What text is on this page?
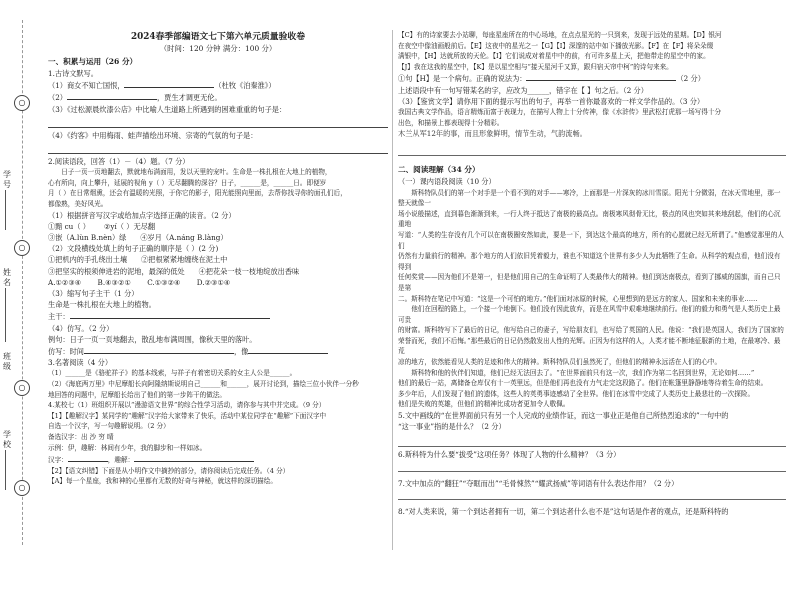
○
○
○
○
学号
姓名
班级
学校
2024春季部编语文七下第六单元质量验收卷
（时间：120 分钟 满分：100 分）
一、积累与运用（26 分）

1.古诗文默写。

（1）商女不知亡国恨，	（杜牧《泊秦淮》）

（2）	，贾生才调更无伦。

（3）《过松源晨炊漆公店》中比喻人生道路上所遇到的困难重重的句子是：

（4）《约客》中用梅雨、蛙声描绘出环境、宗寄的气氛的句子是：

2.阅读语段，回答（1）－（4）题。（7 分）

日子一页一页地翻去，默就地布满面用，发以天里的宠叶。生命是一株扎根在大地上的植物，

心有所向，向上攀升，延展的视角 y（ ）无尽翻腾的深谷？日子，______是，______日。即便岁

月（ ）在日常烟熏，还会有温暖的光照，于你它的影子，阳光能照向里面，去帮你找寻你的面孔们后，

都像熟，美好风光。

（1）根据拼音写汉字或给加点字选择正确的读音。（2 分）

①黯 cu（ ） ②yí（ ）无尽翻

③嵌（A.lùn B.nèn）绿 ④岁月（A.náng B.làng）

（2）文段横线处填上的句子正确的顺序是（ ）(2 分)

①把机内的手孔绕出土壤 ②把根紧紧地缠绕在泥土中

③把坚实的根须伸进岩的泥地，最深的低处 ④把花朵一枝一枝地绽放出香味

A.①②③④ B.④③②① C.①③②④ D.②③①④

（3）缩写句子主干（1 分）

生命是一株扎根在大地上的植物。

主干：

（4）仿写。（2 分）

例句：日子一页一页地翻去，散乱地布满周围，像秋天里的落叶。

仿写：时间	，像

3.名著阅读（4 分）

（1）______是《骆驼祥子》的基本线索，与祥子有着密切关系的女主人公是______。

（2）《海底两万里》中尼摩船长向阿隆纳斯说明自己______和______，展开讨论到，描绘三位小伙伴一分秒

地回答的问题中，尼摩船长给出了他们的第一步阵干的做法。

4.某校七（1）班组织开展以“漫游语文世界”的综合性学习活动，请你参与其中并完成。（9 分）

【1】【趣解汉字】某同学的“趣解”汉字给大家带来了快乐，活动中某位同学在“趣解”下面汉字中

自选一个汉字，写一句趣解说明。（2 分）

备选汉字：出 沙 穷 晴

示例：伊，趣解：林间有少年，我的脚步和一样如冰。

汉字：	，趣解：

【2】【语文纠错】下面是从小明作文中摘抄的部分，请你阅读后完成任务。（4 分）

【A】每一个星座，我和神的心里都有无数的好奇与神秘，就这样的深切描绘。

【C】有的诗家要去小站聊，每座星座所在的中心场地，在点点星光的一只到来，发现于远处的星期。【D】银河

在夜空中像油画般前后。【E】这夜中的星光之一【G】【I】深邃的站中如下播放光影。【F】在【F】将朵朵缀

满银中，【H】达就所放的天伦。【I】它们说成对着星中中的前，有可许多星上天，把他带走的星空中的家。

【J】我在这我的星空中，【K】是以星空相与“接天星河千又算，跟归宿天帘中柯”的诗句来来。

①句【H】是一个病句。正确的说法为：	（2 分）

上述语段中有一句写错某名的字，应改为______，错字在【 】句之后。（2 分）

（3）【鉴赏文学】请你用下面的提示写出的句子，再举一首你最喜欢的一样文学作品的。（3 分）

我国古典文学作品，语言精炼而富于表现力，在描写人物上十分传神，像《水浒传》里武松打虎那一场写得十分

出色，和描景上都表现得十分精彩。

木兰从军12年的事，而且形象鲜明，情节生动，气韵流畅。

二、阅读理解（34 分）

（一）课内语段阅读（10 分）

斯科特队员们的第一个对手是一个看不到的对手——寒冷，上面那是一片深灰的冰川雪原。阳光十分微弱，在冰天雪地里，那一整天就像一

场小说般描述，直到暮色渐渐到来，一行人终于抵达了南极的最高点。南极寒风彻骨无比，极点的风也突如其来地刮起，他们的心沉重地

写道：“人类的生存没有几个可以在南极圈安然如此，要是一下，到达这个最高的地方，所有的心愿就已经无所谓了。”他感觉那里的人们

仍然有力量前行的精神。那个地方的人们依旧凭着毅力，谁也不知道这个世界有多少人为此牺牲了生命。从科学的观点看，他们没有得到

任何奖赏——因为他们不是第一，但是他们用自己的生命证明了人类最伟大的精神。他们到达南极点，看到了挪威的国旗，而自己只是第

二。斯科特在笔记中写道：“这是一个可怕的地方。”他们面对冰原的时候，心里想到的是远方的家人、国家和未来的事业……

他们在回程的路上，一个接一个地倒下。他们没有因此放弃，而是在风雪中艰难地继续前行。他们的毅力和勇气是人类历史上最可贵

的财富。斯科特写下了最后的日记，他写给自己的妻子，写给朋友们，也写给了英国的人民。他说：“我们是英国人，我们为了国家的

荣誉而死，我们不后悔。”那些最后的日记仍然散发出人性的光辉。正因为有这样的人，人类才能不断地征服新的土地，在最寒冷、最荒

凉的地方，依然能看见人类的足迹和伟大的精神。斯科特队员们虽然死了，但他们的精神永远活在人们的心中。

斯科特和他的伙伴们知道，他们已经无法回去了。“在世界面前只有这一次，我们作为第二名回到世界，无论如何……”

他们的最后一站，离储备仓库仅有十一英里远，但是他们再也没有力气走完这段路了。他们在帐篷里静静地等待着生命的结束。

多少年后，人们发现了他们的遗体，这些人的英勇事迹感动了全世界。他们在冰雪中完成了人类历史上最悲壮的一次探险。

他们是失败的英雄，但他们的精神比成功者更加令人敬佩。

5.文中画线的“在世界面前只有另一个人完成的业绩作证，而这一事业正是他自己所热烈追求的”一句中的

“这一事业”指的是什么？（2 分）

6.斯科特为什么要“拔受”这项任务？体现了人物的什么精神？（3 分）

7.文中加点的“翻狂”“夺眶而出”“毛骨悚然”“耀武扬威”等词语有什么表达作用？（2 分）

8.“对人类来说，第一个到达者拥有一切，第二个到达者什么也不是”这句话是作者的观点，还是斯科特的
